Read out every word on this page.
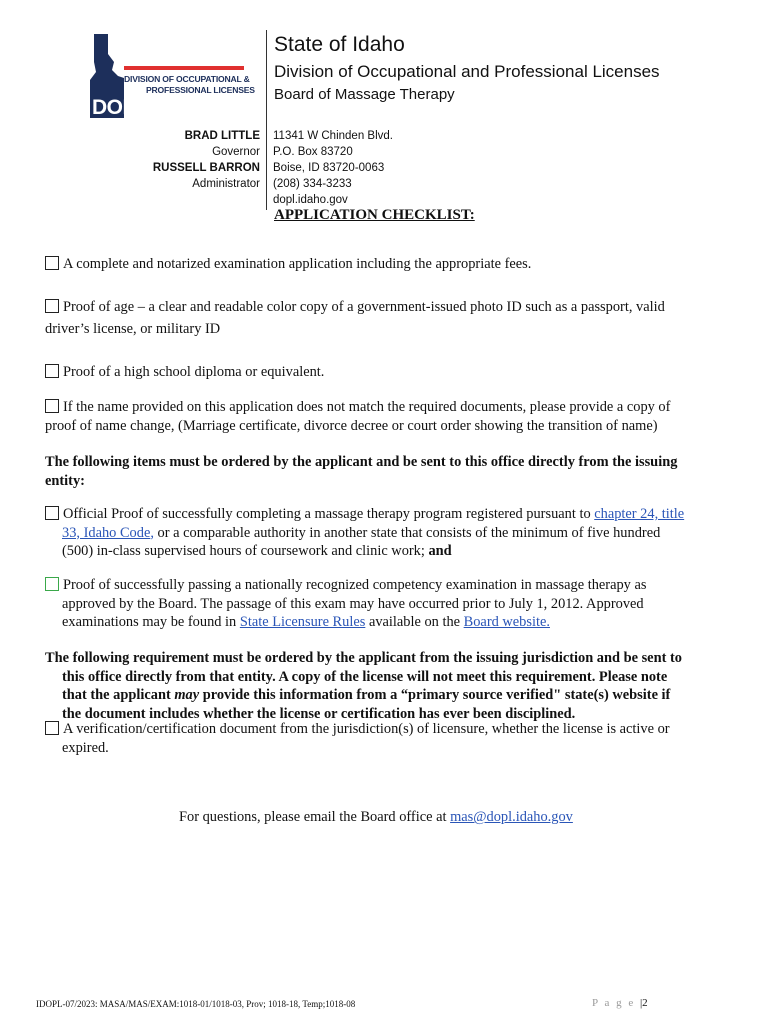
DIVISION OF OCCUPATIONAL &
PROFESSIONAL LICENSES
DOPL
State of Idaho
Division of Occupational and Professional Licenses
Board of Massage Therapy
BRAD LITTLE
Governor
RUSSELL BARRON
Administrator
11341 W Chinden Blvd.
P.O. Box 83720
Boise, ID 83720-0063
(208) 334-3233
dopl.idaho.gov
APPLICATION CHECKLIST:
A complete and notarized examination application including the appropriate fees.
Proof of age – a clear and readable color copy of a government-issued photo ID such as a passport, valid
driver’s license, or military ID
Proof of a high school diploma or equivalent.
If the name provided on this application does not match the required documents, please provide a copy of
proof of name change, (Marriage certificate, divorce decree or court order showing the transition of name)
The following items must be ordered by the applicant and be sent to this office directly from the issuing
entity:
Official Proof of successfully completing a massage therapy program registered pursuant to chapter 24, title
33, Idaho Code, or a comparable authority in another state that consists of the minimum of five hundred
(500) in-class supervised hours of coursework and clinic work; and
Proof of successfully passing a nationally recognized competency examination in massage therapy as
approved by the Board. The passage of this exam may have occurred prior to July 1, 2012. Approved
examinations may be found in State Licensure Rules available on the Board website.
The following requirement must be ordered by the applicant from the issuing jurisdiction and be sent to
this office directly from that entity. A copy of the license will not meet this requirement. Please note
that the applicant may provide this information from a “primary source verified" state(s) website if
the document includes whether the license or certification has ever been disciplined.
A verification/certification document from the jurisdiction(s) of licensure, whether the license is active or
expired.
For questions, please email the Board office at mas@dopl.idaho.gov
IDOPL-07/2023: MASA/MAS/EXAM:1018-01/1018-03, Prov; 1018-18, Temp;1018-08	P a g e |2
